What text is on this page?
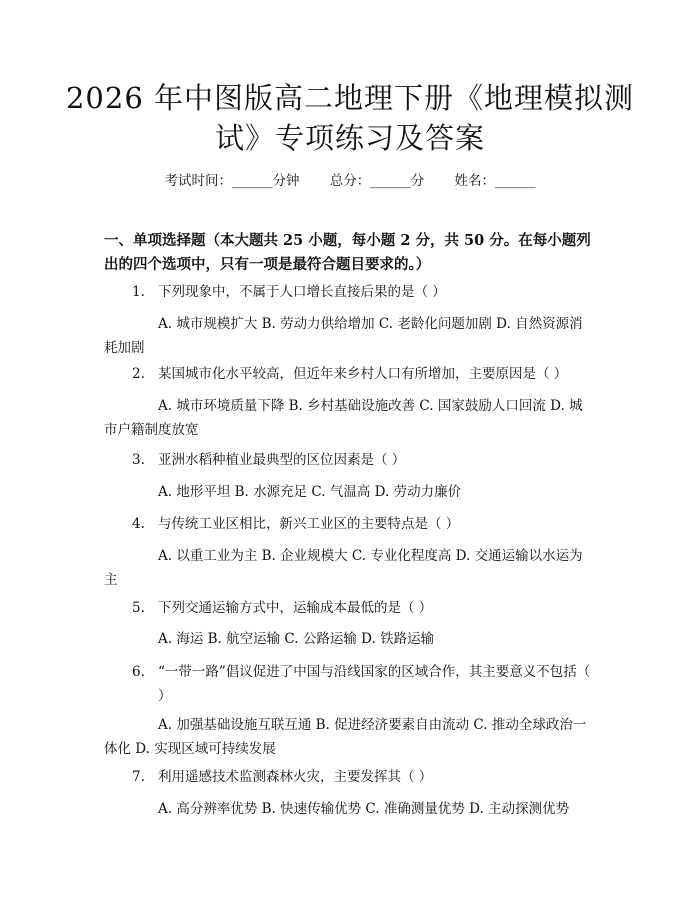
2026 年中图版高二地理下册《地理模拟测试》专项练习及答案
考试时间：______分钟 总分：______分 姓名：______
一、单项选择题（本大题共 25 小题，每小题 2 分，共 50 分。在每小题列出的四个选项中，只有一项是最符合题目要求的。）
1. 下列现象中，不属于人口增长直接后果的是（ ）
A. 城市规模扩大 B. 劳动力供给增加 C. 老龄化问题加剧 D. 自然资源消耗加剧
2. 某国城市化水平较高，但近年来乡村人口有所增加，主要原因是（ ）
A. 城市环境质量下降 B. 乡村基础设施改善 C. 国家鼓励人口回流 D. 城市户籍制度放宽
3. 亚洲水稻种植业最典型的区位因素是（ ）
A. 地形平坦 B. 水源充足 C. 气温高 D. 劳动力廉价
4. 与传统工业区相比，新兴工业区的主要特点是（ ）
A. 以重工业为主 B. 企业规模大 C. 专业化程度高 D. 交通运输以水运为主
5. 下列交通运输方式中，运输成本最低的是（ ）
A. 海运 B. 航空运输 C. 公路运输 D. 铁路运输
6. “一带一路”倡议促进了中国与沿线国家的区域合作，其主要意义不包括（ ）
A. 加强基础设施互联互通 B. 促进经济要素自由流动 C. 推动全球政治一体化 D. 实现区域可持续发展
7. 利用遥感技术监测森林火灾，主要发挥其（ ）
A. 高分辨率优势 B. 快速传输优势 C. 准确测量优势 D. 主动探测优势
